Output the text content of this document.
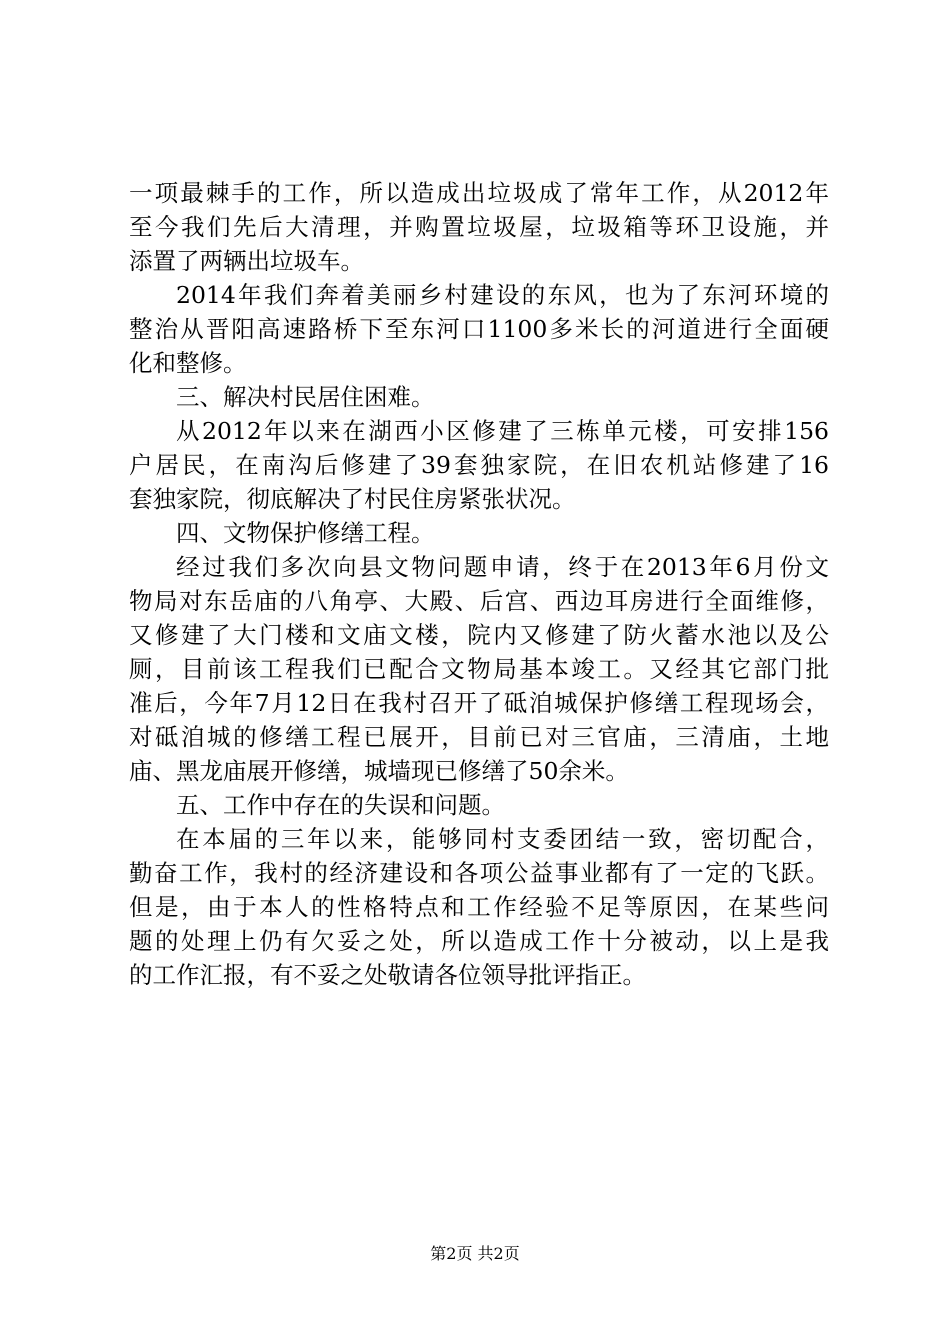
一项最棘手的工作，所以造成出垃圾成了常年工作，从2012年
至今我们先后大清理，并购置垃圾屋，垃圾箱等环卫设施，并
添置了两辆出垃圾车。
2014年我们奔着美丽乡村建设的东风，也为了东河环境的
整治从晋阳高速路桥下至东河口1100多米长的河道进行全面硬
化和整修。
三、解决村民居住困难。
从2012年以来在湖西小区修建了三栋单元楼，可安排156
户居民，在南沟后修建了39套独家院，在旧农机站修建了16
套独家院，彻底解决了村民住房紧张状况。
四、文物保护修缮工程。
经过我们多次向县文物问题申请，终于在2013年6月份文
物局对东岳庙的八角亭、大殿、后宫、西边耳房进行全面维修，
又修建了大门楼和文庙文楼，院内又修建了防火蓄水池以及公
厕，目前该工程我们已配合文物局基本竣工。又经其它部门批
准后，今年7月12日在我村召开了砥洎城保护修缮工程现场会，
对砥洎城的修缮工程已展开，目前已对三官庙，三清庙，土地
庙、黑龙庙展开修缮，城墙现已修缮了50余米。
五、工作中存在的失误和问题。
在本届的三年以来，能够同村支委团结一致，密切配合，
勤奋工作，我村的经济建设和各项公益事业都有了一定的飞跃。
但是，由于本人的性格特点和工作经验不足等原因，在某些问
题的处理上仍有欠妥之处，所以造成工作十分被动，以上是我
的工作汇报，有不妥之处敬请各位领导批评指正。
第2页 共2页
